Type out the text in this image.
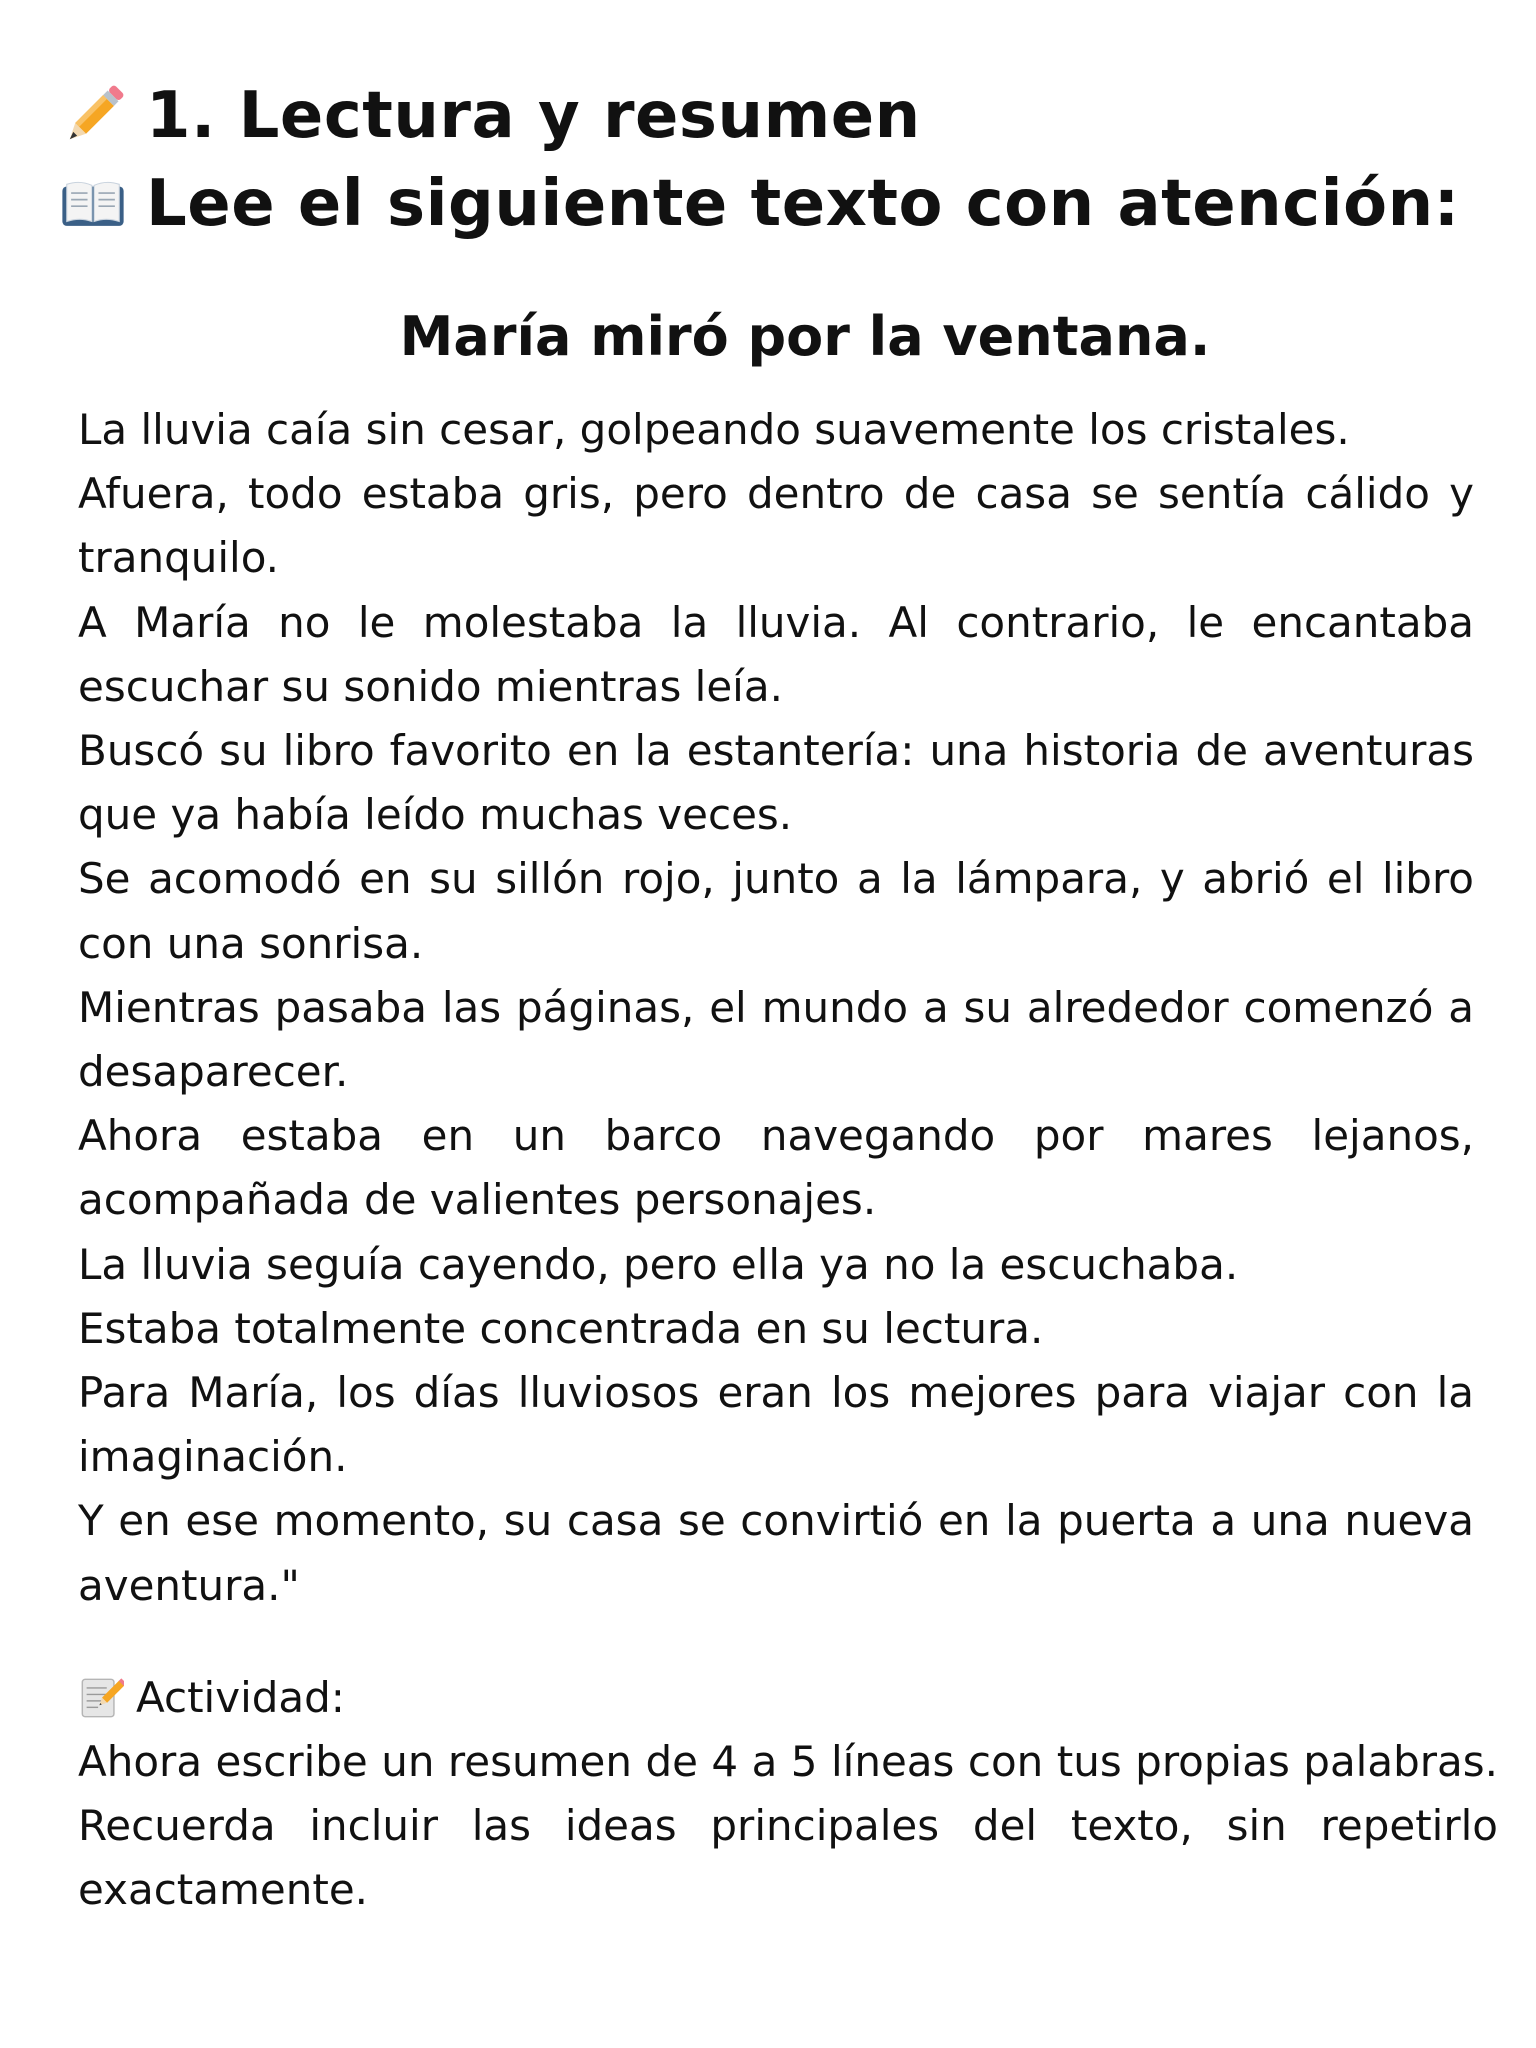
1. Lectura y resumen
Lee el siguiente texto con atención:
María miró por la ventana.

La lluvia caía sin cesar, golpeando suavemente los cristales.

Afuera, todo estaba gris, pero dentro de casa se sentía cálido y tranquilo.

A María no le molestaba la lluvia. Al contrario, le encantaba escuchar su sonido mientras leía.

Buscó su libro favorito en la estantería: una historia de aventuras que ya había leído muchas veces.

Se acomodó en su sillón rojo, junto a la lámpara, y abrió el libro con una sonrisa.

Mientras pasaba las páginas, el mundo a su alrededor comenzó a desaparecer.

Ahora estaba en un barco navegando por mares lejanos, acompañada de valientes personajes.

La lluvia seguía cayendo, pero ella ya no la escuchaba.

Estaba totalmente concentrada en su lectura.

Para María, los días lluviosos eran los mejores para viajar con la imaginación.

Y en ese momento, su casa se convirtió en la puerta a una nueva aventura."

Actividad:

Ahora escribe un resumen de 4 a 5 líneas con tus propias palabras. Recuerda incluir las ideas principales del texto, sin repetirlo exactamente.
